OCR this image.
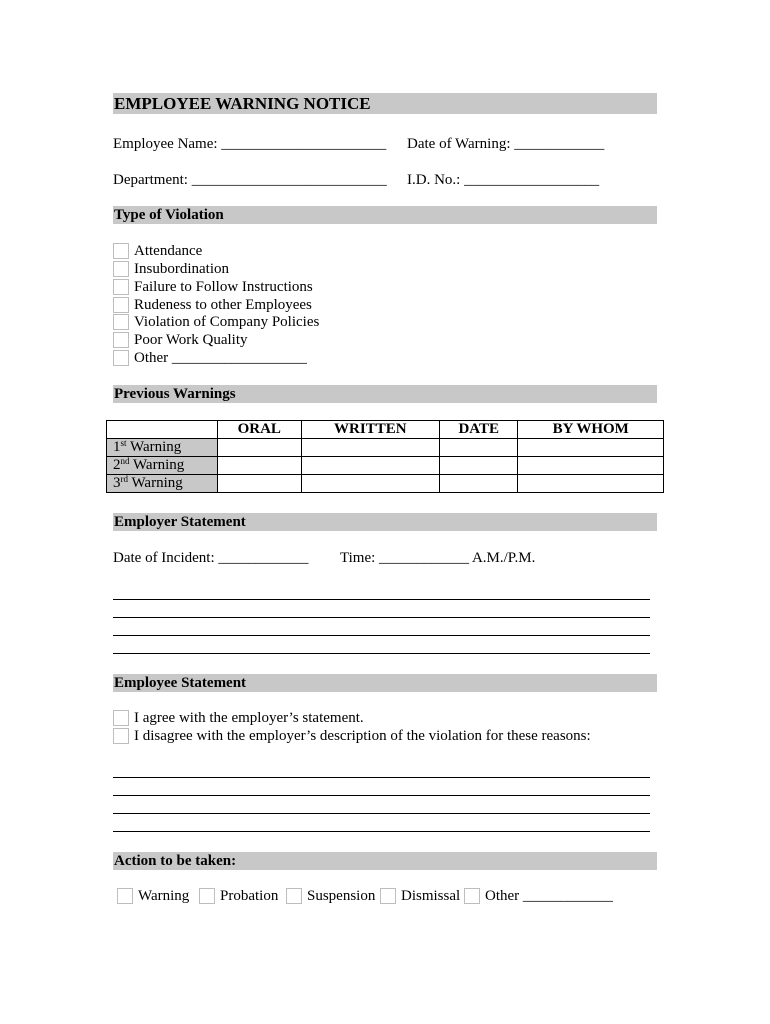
EMPLOYEE WARNING NOTICE
Employee Name: ______________________ Date of Warning: ____________
Department: __________________________ I.D. No.: __________________
Type of Violation
Attendance
Insubordination
Failure to Follow Instructions
Rudeness to other Employees
Violation of Company Policies
Poor Work Quality
Other __________________
Previous Warnings
	ORAL	WRITTEN	DATE	BY WHOM
1st Warning				
2nd Warning				
3rd Warning				
Employer Statement
Date of Incident: ____________ Time: ____________ A.M./P.M.
Employee Statement
I agree with the employer’s statement.
I disagree with the employer’s description of the violation for these reasons:
Action to be taken:
Warning Probation Suspension Dismissal Other ____________
